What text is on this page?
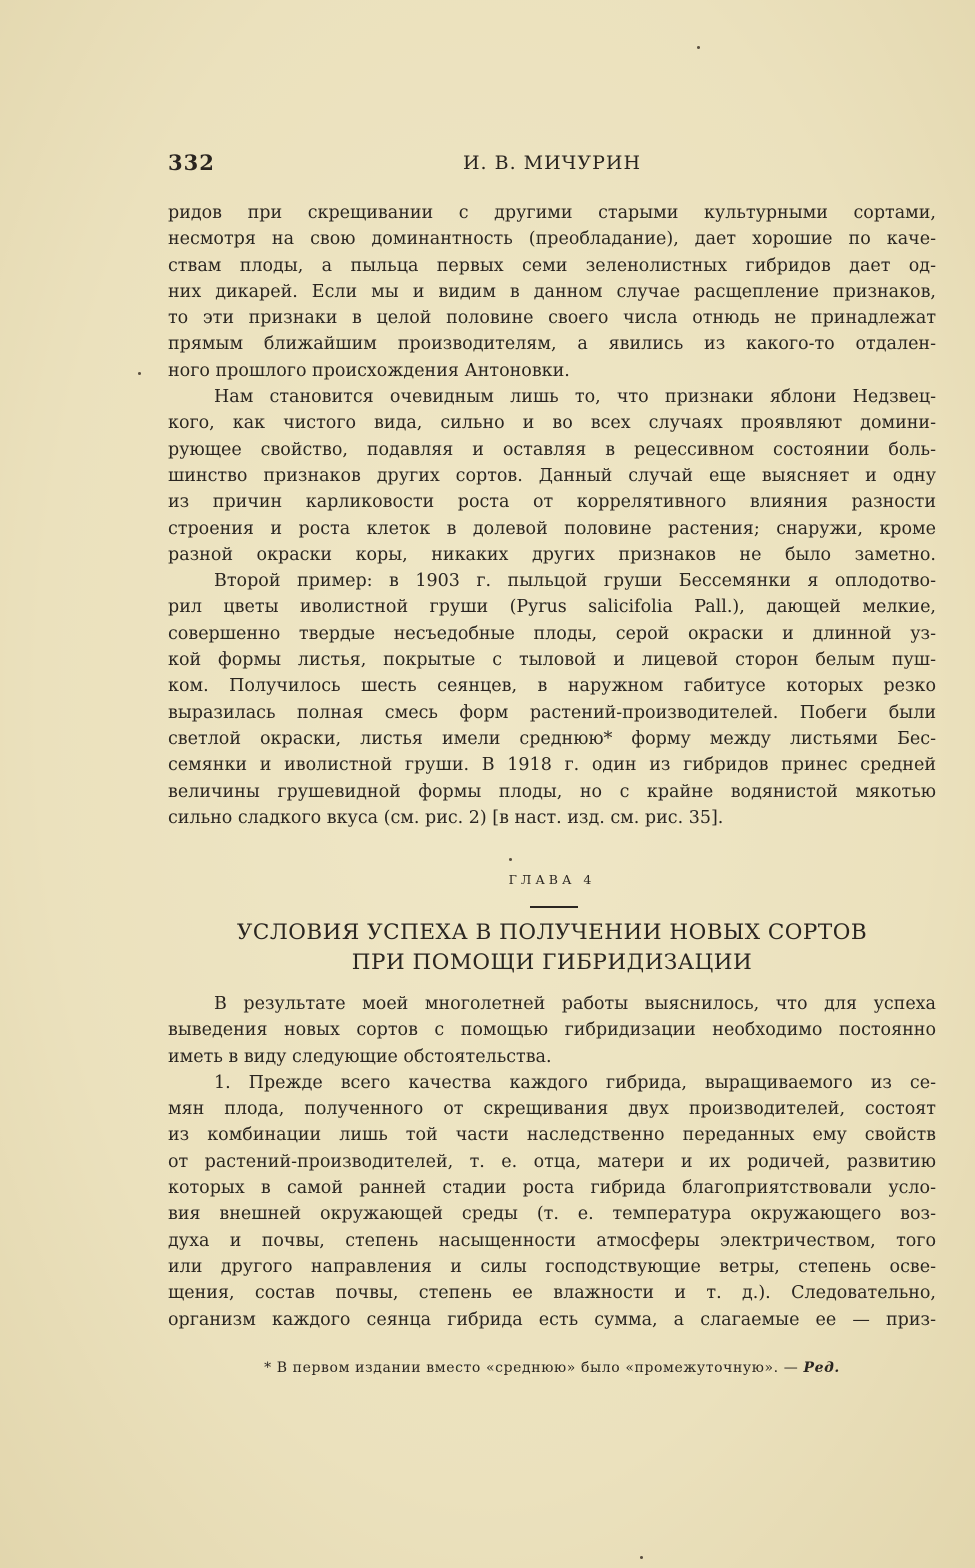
332	И. В. МИЧУРИН
ридов при скрещивании с другими старыми культурными сортами,
несмотря на свою доминантность (преобладание), дает хорошие по каче-
ствам плоды, а пыльца первых семи зеленолистных гибридов дает од-
них дикарей. Если мы и видим в данном случае расщепление признаков,
то эти признаки в целой половине своего числа отнюдь не принадлежат
прямым ближайшим производителям, а явились из какого-то отдален-
ного прошлого происхождения Антоновки.
Нам становится очевидным лишь то, что признаки яблони Недзвец-
кого, как чистого вида, сильно и во всех случаях проявляют домини-
рующее свойство, подавляя и оставляя в рецессивном состоянии боль-
шинство признаков других сортов. Данный случай еще выясняет и одну
из причин карликовости роста от коррелятивного влияния разности
строения и роста клеток в долевой половине растения; снаружи, кроме
разной окраски коры, никаких других признаков не было заметно.
Второй пример: в 1903 г. пыльцой груши Бессемянки я оплодотво-
рил цветы иволистной груши (Pyrus salicifolia Pall.), дающей мелкие,
совершенно твердые несъедобные плоды, серой окраски и длинной уз-
кой формы листья, покрытые с тыловой и лицевой сторон белым пуш-
ком. Получилось шесть сеянцев, в наружном габитусе которых резко
выразилась полная смесь форм растений-производителей. Побеги были
светлой окраски, листья имели среднюю* форму между листьями Бес-
семянки и иволистной груши. В 1918 г. один из гибридов принес средней
величины грушевидной формы плоды, но с крайне водянистой мякотью
сильно сладкого вкуса (см. рис. 2) [в наст. изд. см. рис. 35].
ГЛАВА 4
УСЛОВИЯ УСПЕХА В ПОЛУЧЕНИИ НОВЫХ СОРТОВ
ПРИ ПОМОЩИ ГИБРИДИЗАЦИИ
В результате моей многолетней работы выяснилось, что для успеха
выведения новых сортов с помощью гибридизации необходимо постоянно
иметь в виду следующие обстоятельства.
1. Прежде всего качества каждого гибрида, выращиваемого из се-
мян плода, полученного от скрещивания двух производителей, состоят
из комбинации лишь той части наследственно переданных ему свойств
от растений-производителей, т. е. отца, матери и их родичей, развитию
которых в самой ранней стадии роста гибрида благоприятствовали усло-
вия внешней окружающей среды (т. е. температура окружающего воз-
духа и почвы, степень насыщенности атмосферы электричеством, того
или другого направления и силы господствующие ветры, степень осве-
щения, состав почвы, степень ее влажности и т. д.). Следовательно,
организм каждого сеянца гибрида есть сумма, а слагаемые ее — приз-
* В первом издании вместо «среднюю» было «промежуточную». — Ред.
